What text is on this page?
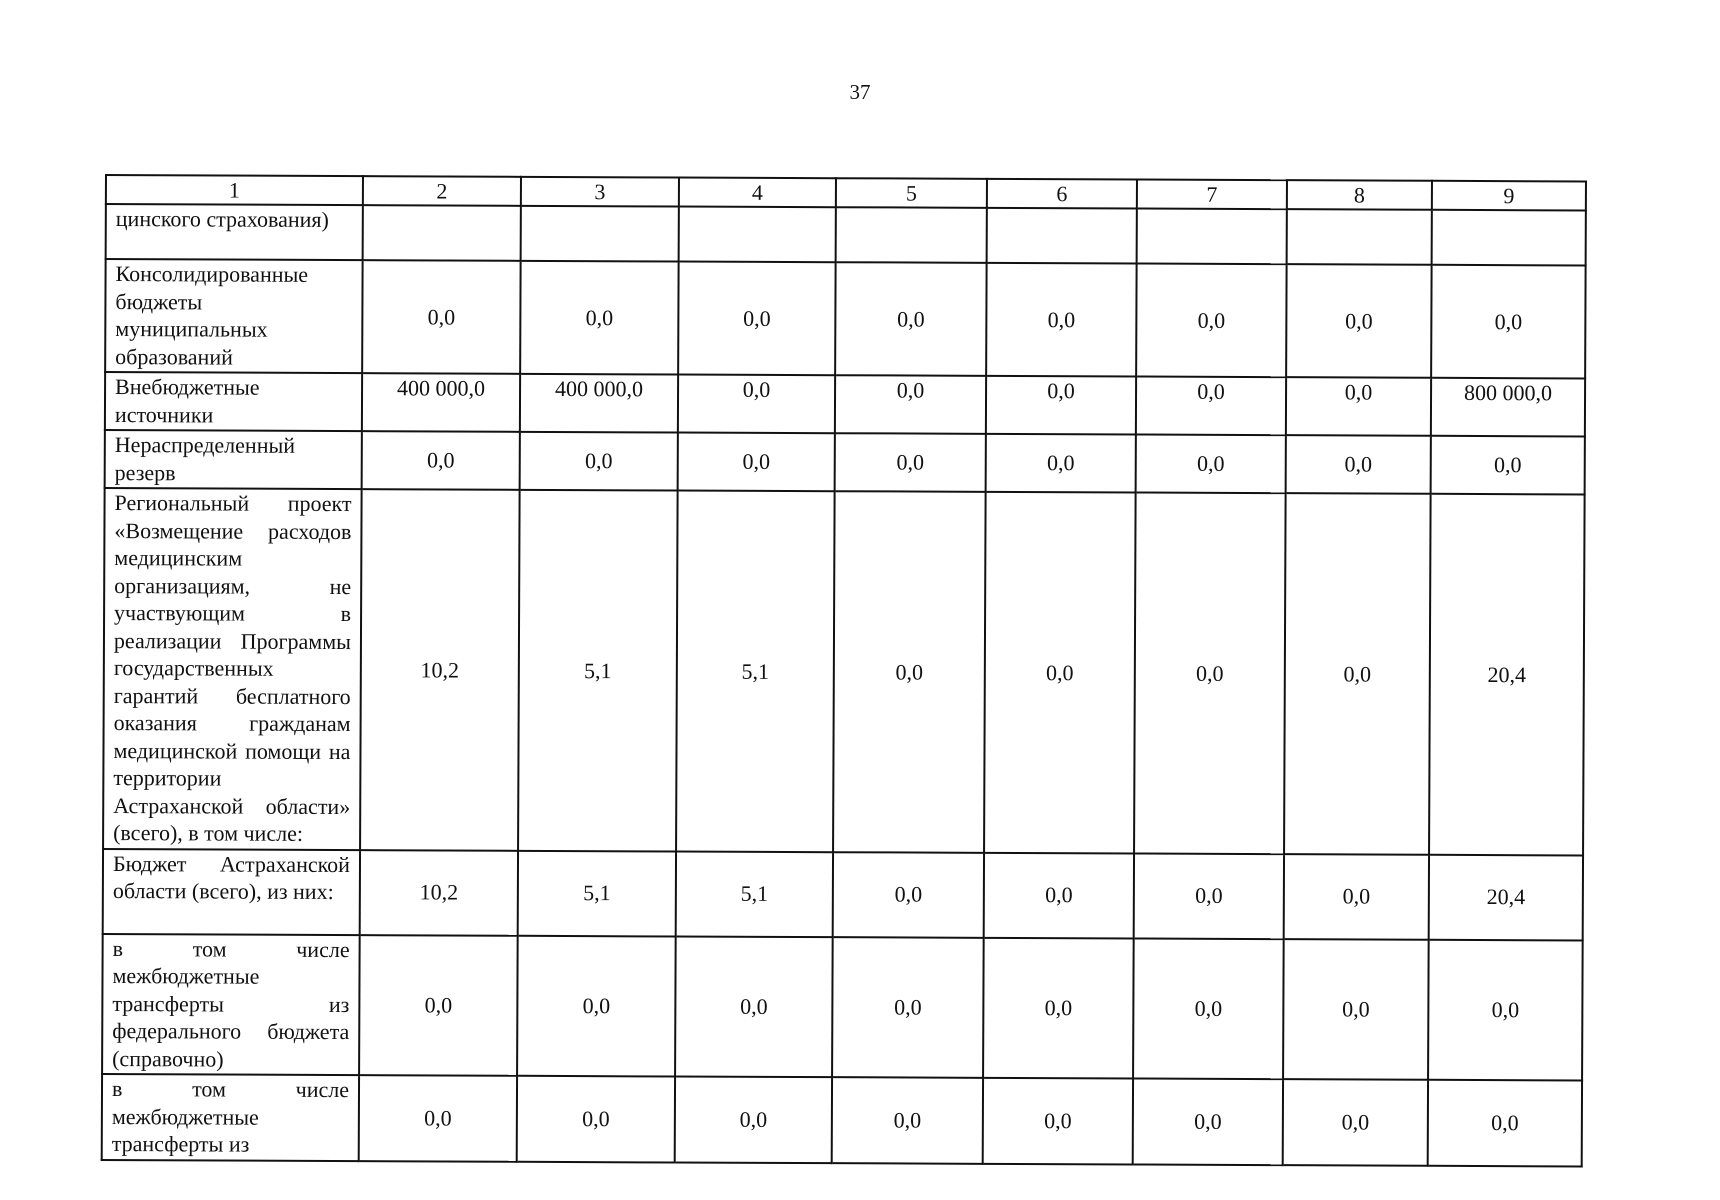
37
1	2	3	4	5	6	7	8	9
цинского страхования)								
Консолидированные бюджеты муниципальных образований	0,0	0,0	0,0	0,0	0,0	0,0	0,0	0,0
Внебюджетные источники	400 000,0	400 000,0	0,0	0,0	0,0	0,0	0,0	800 000,0
Нераспределенный резерв	0,0	0,0	0,0	0,0	0,0	0,0	0,0	0,0
Региональный проект «Возмещение расходов медицинским организациям, не участвующим в реализации Программы государственных гарантий бесплатного оказания гражданам медицинской помощи на территории Астраханской области» (всего), в том числе:	10,2	5,1	5,1	0,0	0,0	0,0	0,0	20,4
Бюджет Астраханской области (всего), из них:	10,2	5,1	5,1	0,0	0,0	0,0	0,0	20,4
в том числе межбюджетные трансферты из федерального бюджета (справочно)	0,0	0,0	0,0	0,0	0,0	0,0	0,0	0,0
в том числе межбюджетные трансферты из	0,0	0,0	0,0	0,0	0,0	0,0	0,0	0,0
